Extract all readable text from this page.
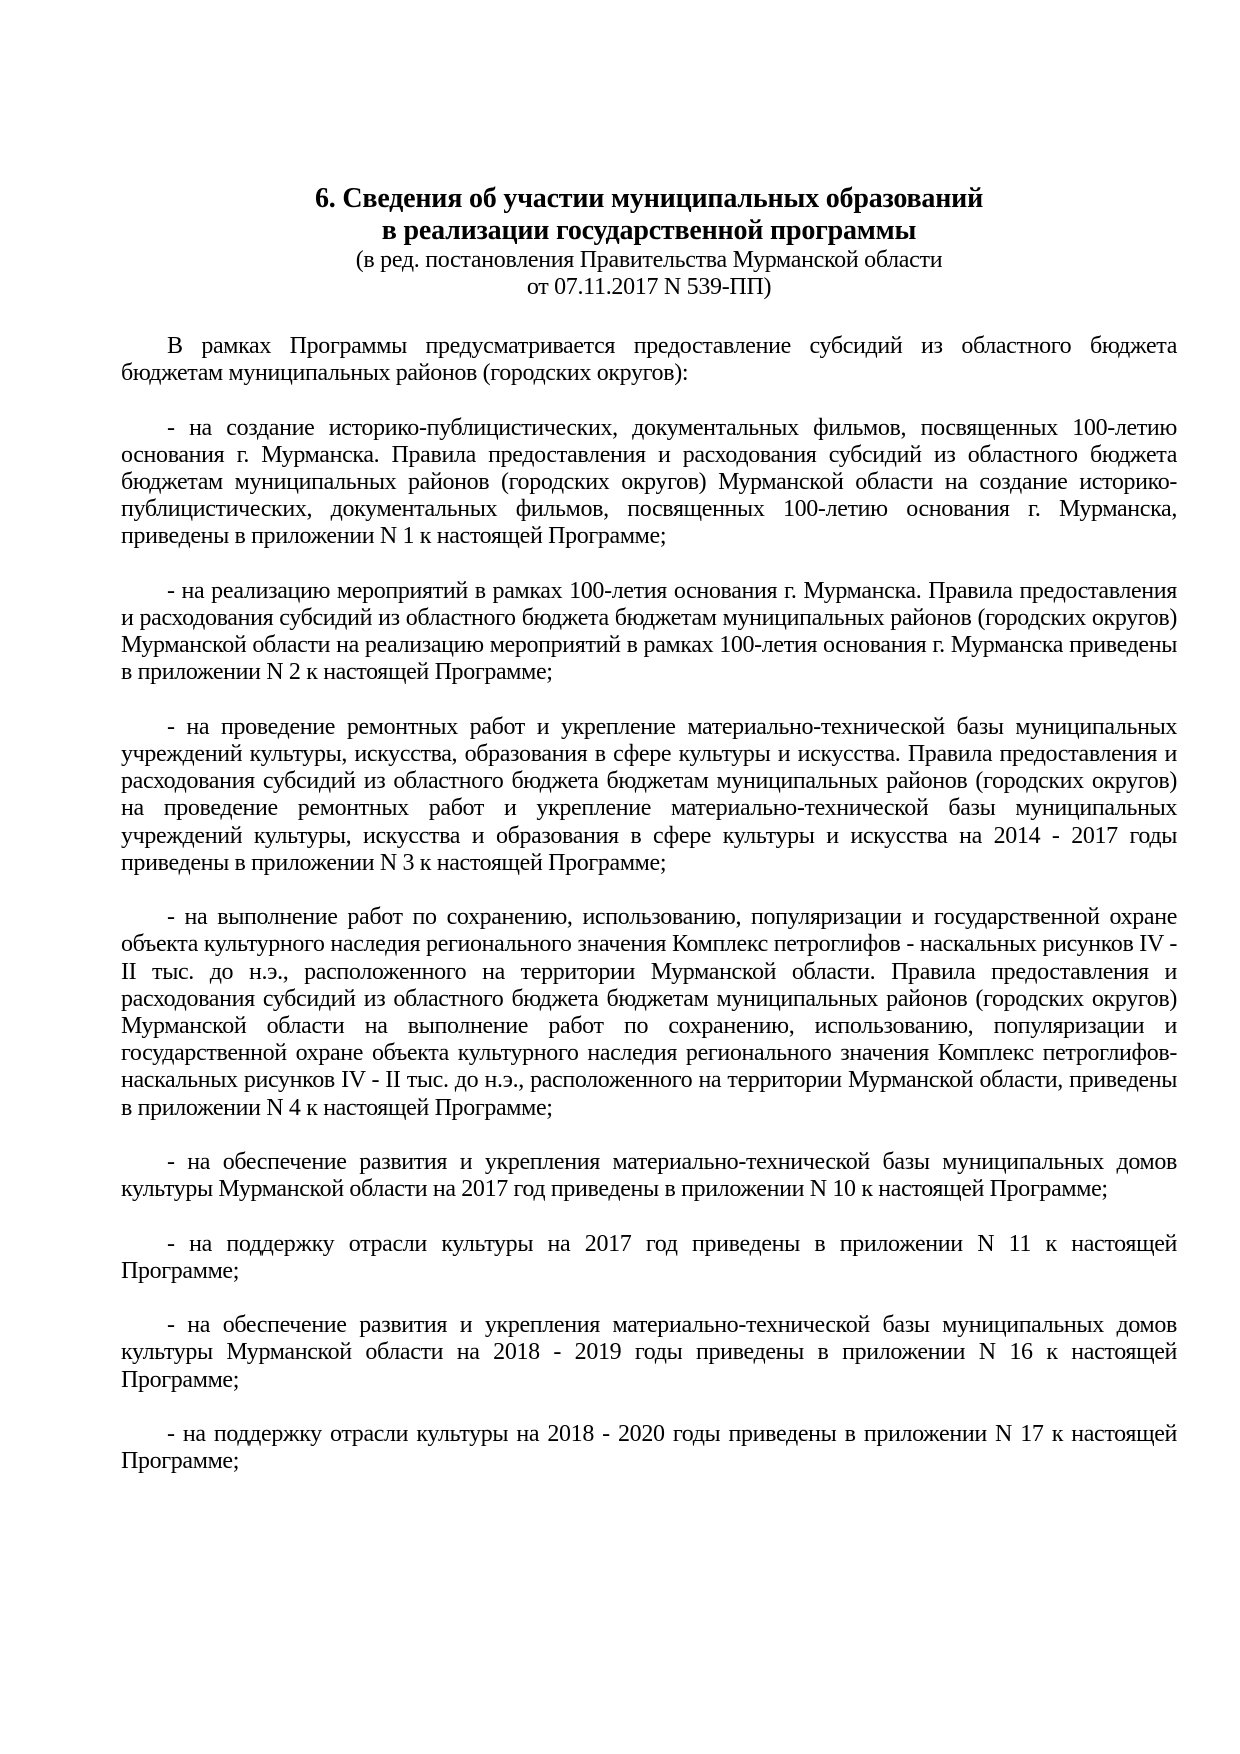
6. Сведения об участии муниципальных образований
в реализации государственной программы
(в ред. постановления Правительства Мурманской области
от 07.11.2017 N 539-ПП)

В рамках Программы предусматривается предоставление субсидий из областного бюджета бюджетам муниципальных районов (городских округов):

- на создание историко-публицистических, документальных фильмов, посвященных 100-летию основания г. Мурманска. Правила предоставления и расходования субсидий из областного бюджета бюджетам муниципальных районов (городских округов) Мурманской области на создание историко-публицистических, документальных фильмов, посвященных 100-летию основания г. Мурманска, приведены в приложении N 1 к настоящей Программе;

- на реализацию мероприятий в рамках 100-летия основания г. Мурманска. Правила предоставления и расходования субсидий из областного бюджета бюджетам муниципальных районов (городских округов) Мурманской области на реализацию мероприятий в рамках 100-летия основания г. Мурманска приведены в приложении N 2 к настоящей Программе;

- на проведение ремонтных работ и укрепление материально-технической базы муниципальных учреждений культуры, искусства, образования в сфере культуры и искусства. Правила предоставления и расходования субсидий из областного бюджета бюджетам муниципальных районов (городских округов) на проведение ремонтных работ и укрепление материально-технической базы муниципальных учреждений культуры, искусства и образования в сфере культуры и искусства на 2014 - 2017 годы приведены в приложении N 3 к настоящей Программе;

- на выполнение работ по сохранению, использованию, популяризации и государственной охране объекта культурного наследия регионального значения Комплекс петроглифов - наскальных рисунков IV - II тыс. до н.э., расположенного на территории Мурманской области. Правила предоставления и расходования субсидий из областного бюджета бюджетам муниципальных районов (городских округов) Мурманской области на выполнение работ по сохранению, использованию, популяризации и государственной охране объекта культурного наследия регионального значения Комплекс петроглифов-наскальных рисунков IV - II тыс. до н.э., расположенного на территории Мурманской области, приведены в приложении N 4 к настоящей Программе;

- на обеспечение развития и укрепления материально-технической базы муниципальных домов культуры Мурманской области на 2017 год приведены в приложении N 10 к настоящей Программе;

- на поддержку отрасли культуры на 2017 год приведены в приложении N 11 к настоящей Программе;

- на обеспечение развития и укрепления материально-технической базы муниципальных домов культуры Мурманской области на 2018 - 2019 годы приведены в приложении N 16 к настоящей Программе;

- на поддержку отрасли культуры на 2018 - 2020 годы приведены в приложении N 17 к настоящей Программе;
